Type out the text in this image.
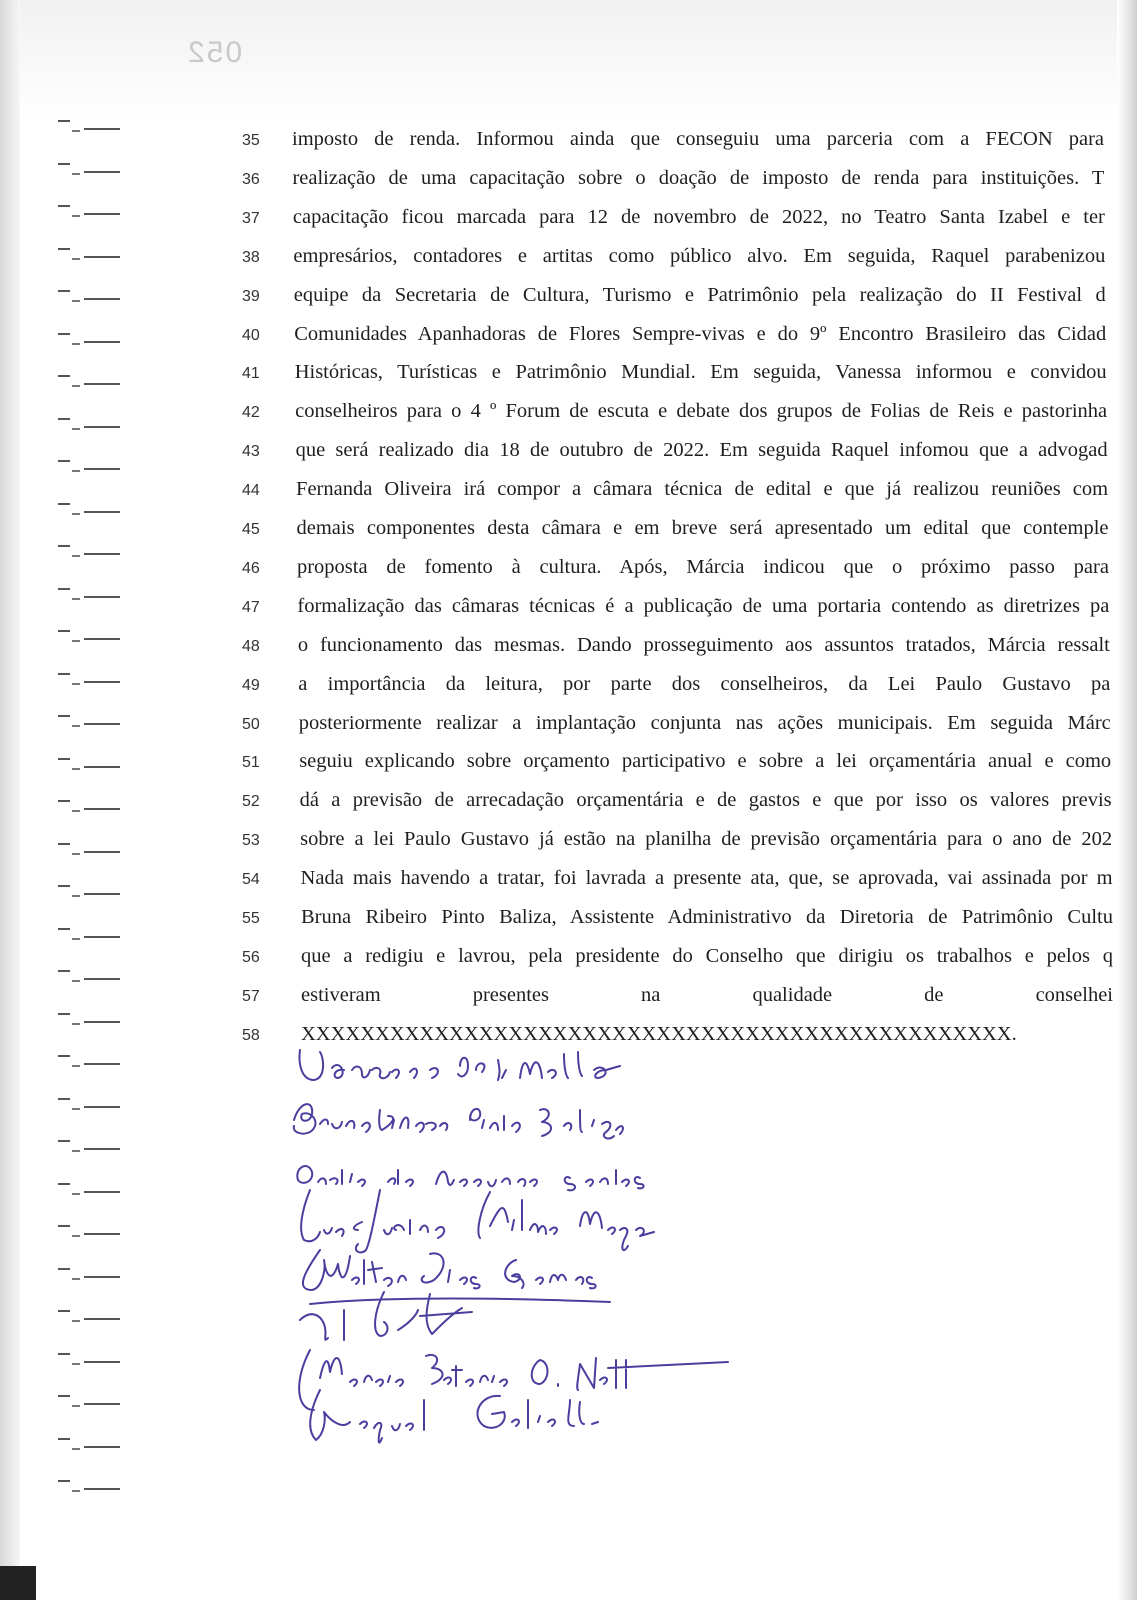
052
35	imposto de renda. Informou ainda que conseguiu uma parceria com a FECON para
36	realização de uma capacitação sobre o doação de imposto de renda para instituições. T
37	capacitação ficou marcada para 12 de novembro de 2022, no Teatro Santa Izabel e ter
38	empresários, contadores e artitas como público alvo. Em seguida, Raquel parabenizou
39	equipe da Secretaria de Cultura, Turismo e Patrimônio pela realização do II Festival d
40	Comunidades Apanhadoras de Flores Sempre-vivas e do 9º Encontro Brasileiro das Cidad
41	Históricas, Turísticas e Patrimônio Mundial. Em seguida, Vanessa informou e convidou
42	conselheiros para o 4 º Forum de escuta e debate dos grupos de Folias de Reis e pastorinha
43	que será realizado dia 18 de outubro de 2022. Em seguida Raquel infomou que a advogad
44	Fernanda Oliveira irá compor a câmara técnica de edital e que já realizou reuniões com
45	demais componentes desta câmara e em breve será apresentado um edital que contemple
46	proposta de fomento à cultura. Após, Márcia indicou que o próximo passo para
47	formalização das câmaras técnicas é a publicação de uma portaria contendo as diretrizes pa
48	o funcionamento das mesmas. Dando prosseguimento aos assuntos tratados, Márcia ressalt
49	a importância da leitura, por parte dos conselheiros, da Lei Paulo Gustavo pa
50	posteriormente realizar a implantação conjunta nas ações municipais. Em seguida Márc
51	seguiu explicando sobre orçamento participativo e sobre a lei orçamentária anual e como
52	dá a previsão de arrecadação orçamentária e de gastos e que por isso os valores previs
53	sobre a lei Paulo Gustavo já estão na planilha de previsão orçamentária para o ano de 202
54	Nada mais havendo a tratar, foi lavrada a presente ata, que, se aprovada, vai assinada por m
55	Bruna Ribeiro Pinto Baliza, Assistente Administrativo da Diretoria de Patrimônio Cultu
56	que a redigiu e lavrou, pela presidente do Conselho que dirigiu os trabalhos e pelos q
57	estiveram presentes na qualidade de conselhei
58	XXXXXXXXXXXXXXXXXXXXXXXXXXXXXXXXXXXXXXXXXXXXXXXX.
